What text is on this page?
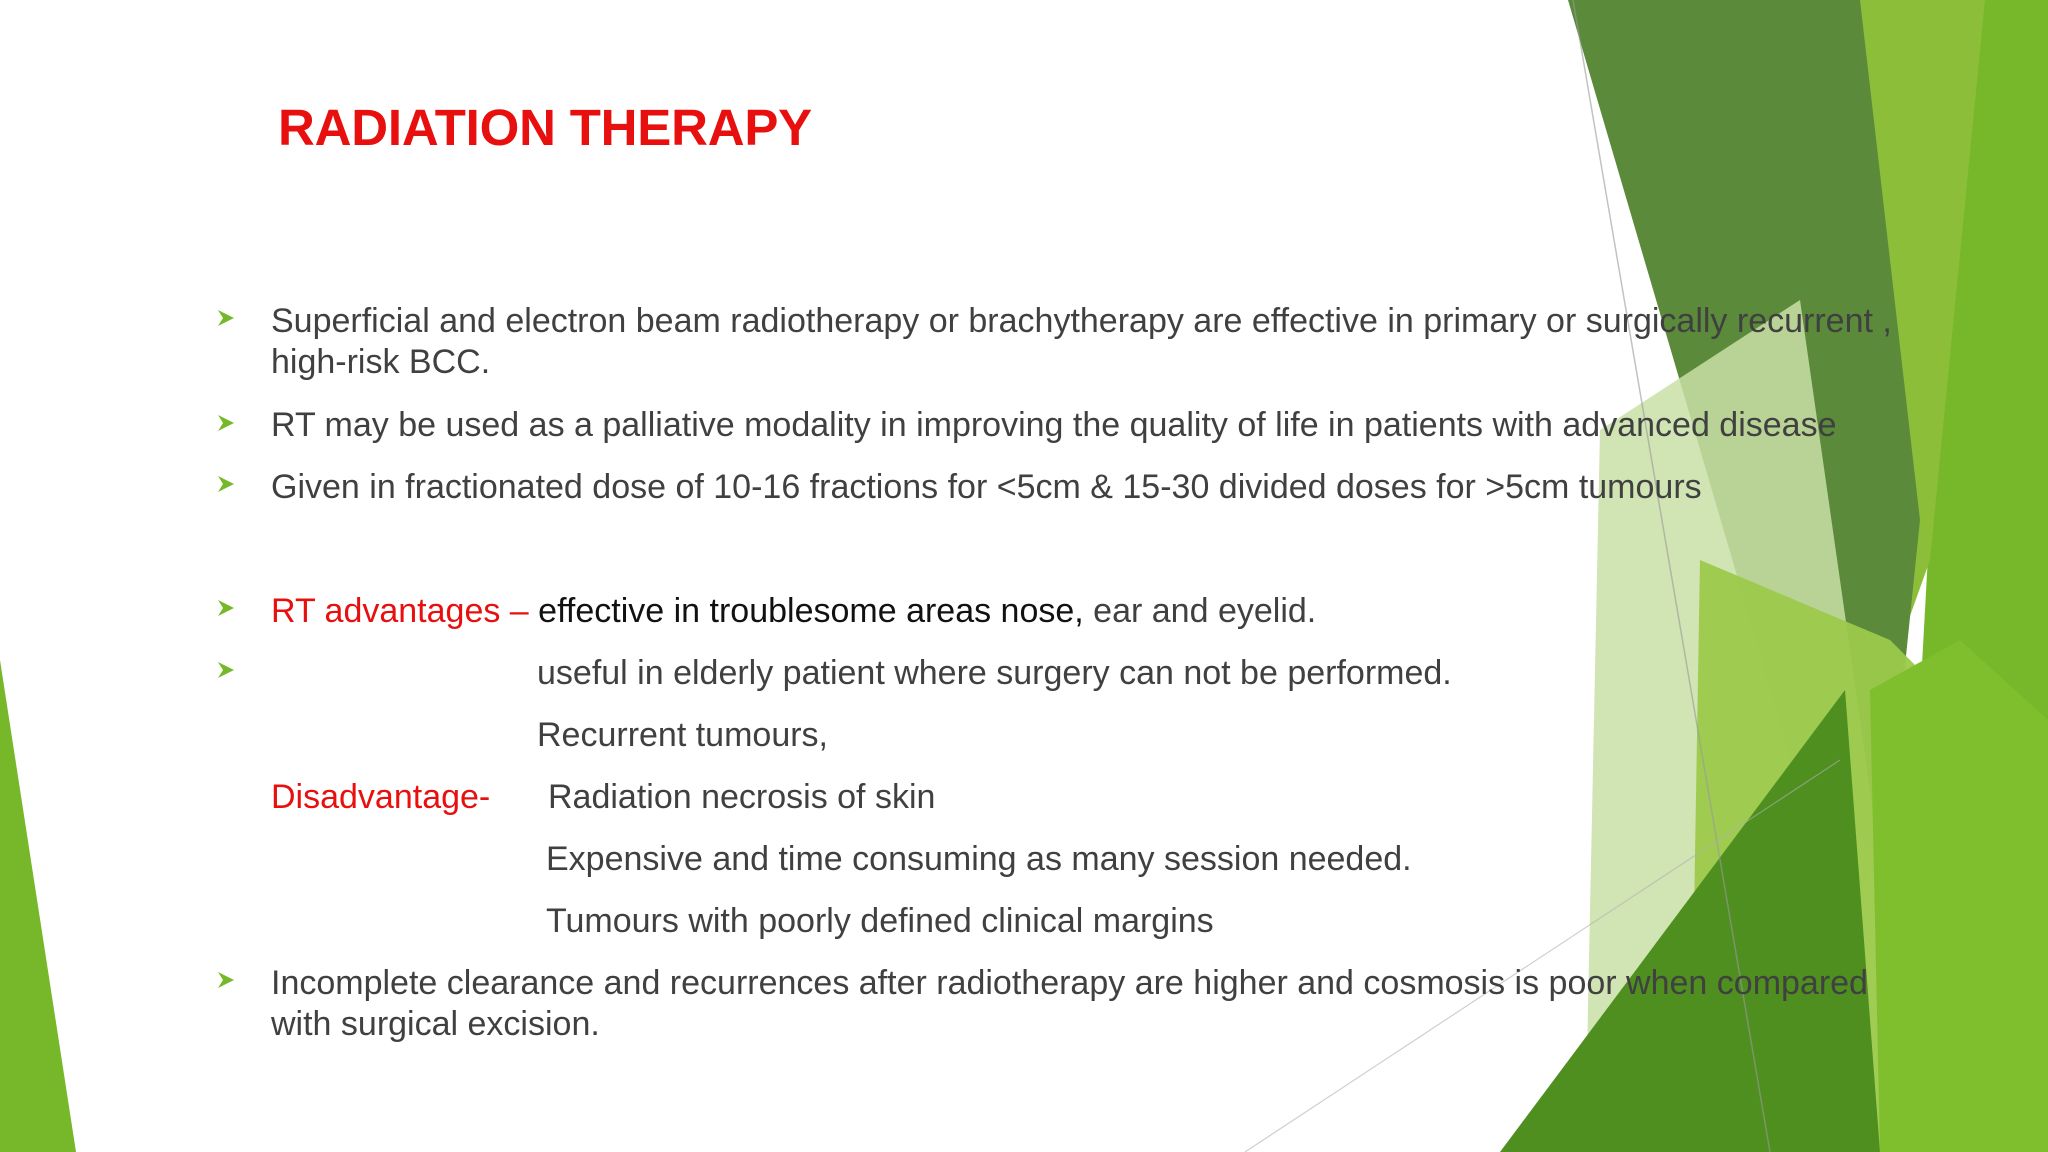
RADIATION THERAPY
Superficial and electron beam radiotherapy or brachytherapy are effective in primary or surgically recurrent ,
high-risk BCC.
RT may be used as a palliative modality in improving the quality of life in patients with advanced disease
Given in fractionated dose of 10-16 fractions for <5cm & 15-30 divided doses for >5cm tumours
RT advantages – effective in troublesome areas nose, ear and eyelid.
useful in elderly patient where surgery can not be performed.
Recurrent tumours,
Disadvantage- Radiation necrosis of skin
Expensive and time consuming as many session needed.
Tumours with poorly defined clinical margins
Incomplete clearance and recurrences after radiotherapy are higher and cosmosis is poor when compared
with surgical excision.
